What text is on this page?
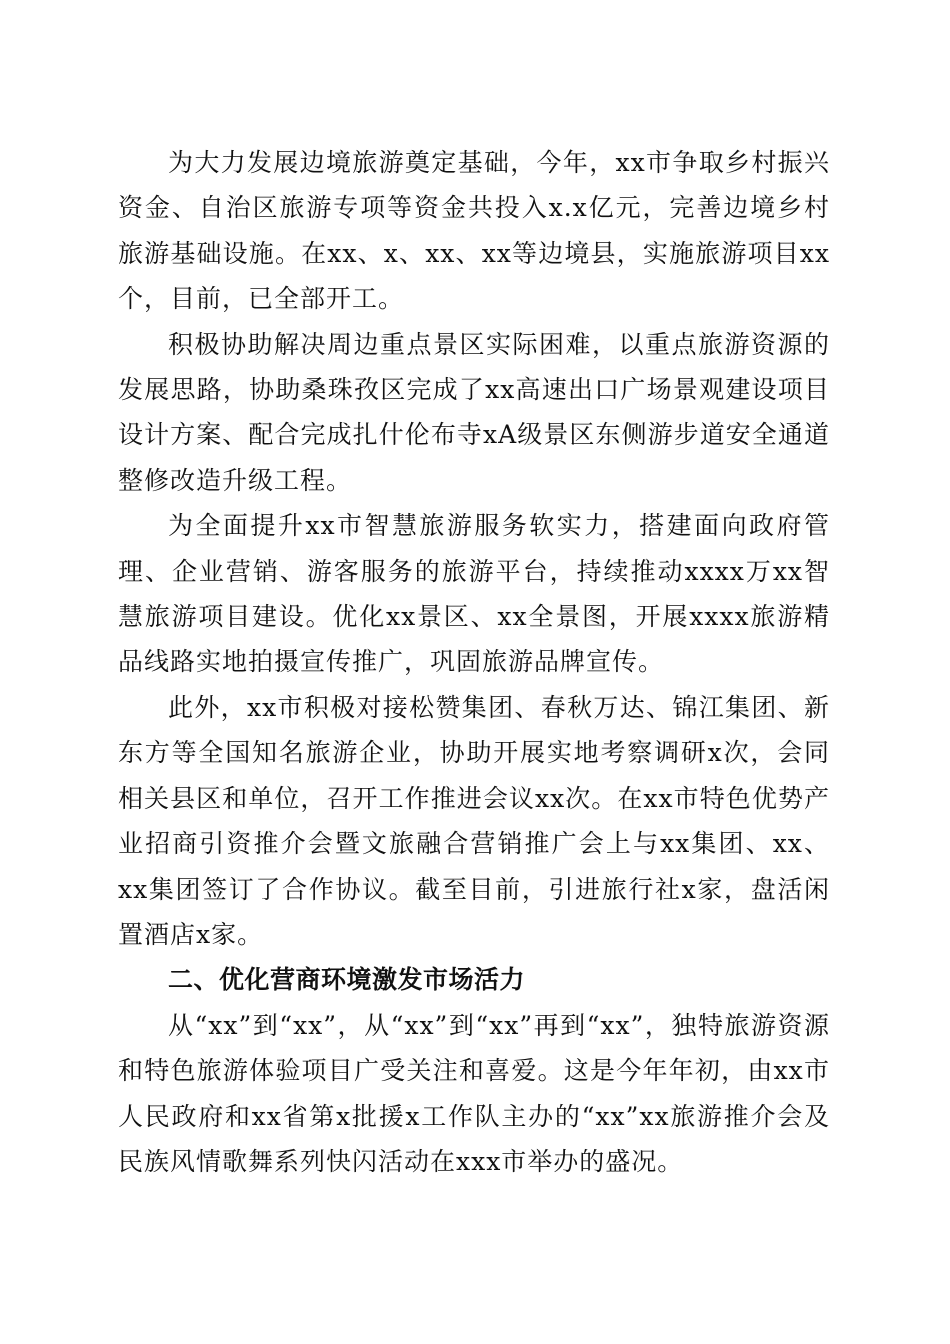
为大力发展边境旅游奠定基础，今年，xx市争取乡村振兴资金、自治区旅游专项等资金共投入x.x亿元，完善边境乡村旅游基础设施。在xx、x、xx、xx等边境县，实施旅游项目xx个，目前，已全部开工。

积极协助解决周边重点景区实际困难，以重点旅游资源的发展思路，协助桑珠孜区完成了xx高速出口广场景观建设项目设计方案、配合完成扎什伦布寺xA级景区东侧游步道安全通道整修改造升级工程。

为全面提升xx市智慧旅游服务软实力，搭建面向政府管理、企业营销、游客服务的旅游平台，持续推动xxxx万xx智慧旅游项目建设。优化xx景区、xx全景图，开展xxxx旅游精品线路实地拍摄宣传推广，巩固旅游品牌宣传。

此外，xx市积极对接松赞集团、春秋万达、锦江集团、新东方等全国知名旅游企业，协助开展实地考察调研x次，会同相关县区和单位，召开工作推进会议xx次。在xx市特色优势产业招商引资推介会暨文旅融合营销推广会上与xx集团、xx、xx集团签订了合作协议。截至目前，引进旅行社x家，盘活闲置酒店x家。

二、优化营商环境激发市场活力

从“xx”到“xx”，从“xx”到“xx”再到“xx”，独特旅游资源和特色旅游体验项目广受关注和喜爱。这是今年年初，由xx市人民政府和xx省第x批援x工作队主办的“xx”xx旅游推介会及民族风情歌舞系列快闪活动在xxx市举办的盛况。
